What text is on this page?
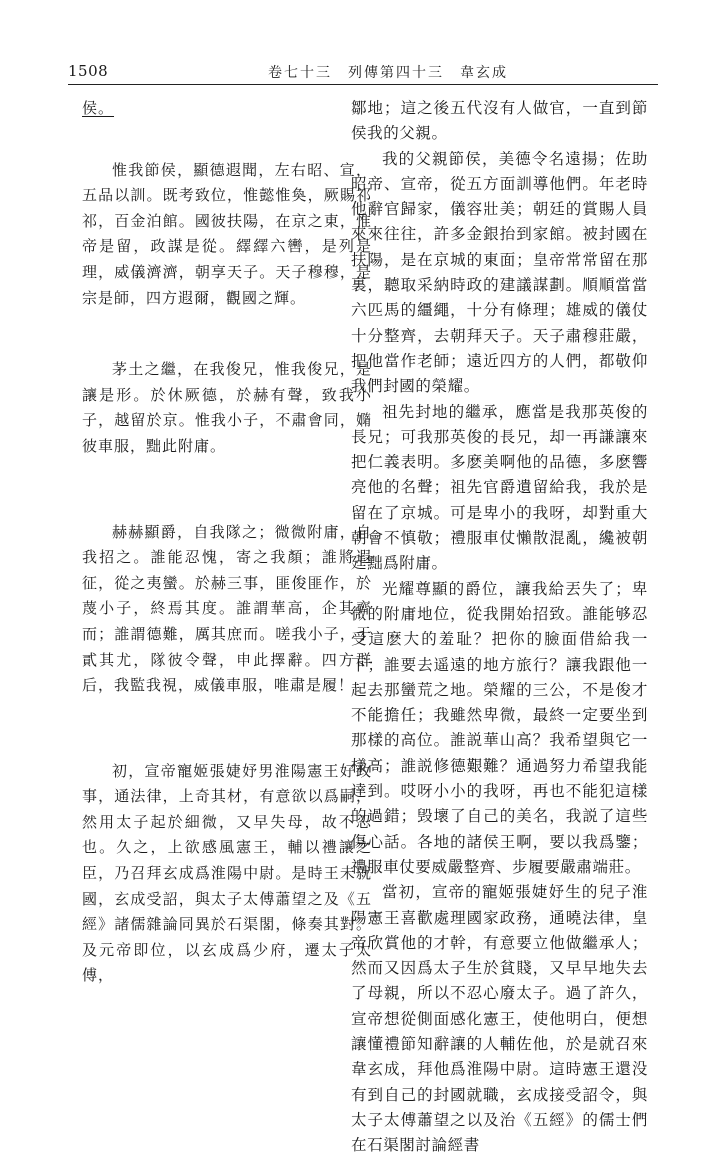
1508	卷七十三　列傳第四十三　韋玄成

侯。

惟我節侯，顯德遐聞，左右昭、宣，五品以訓。既考致位，惟懿惟奐，厥賜祁祁，百金泊館。國彼扶陽，在京之東，惟帝是留，政謀是從。繹繹六轡，是列是理，威儀濟濟，朝享天子。天子穆穆，是宗是師，四方遐爾，觀國之輝。

茅土之繼，在我俊兄，惟我俊兄，是讓是形。於休厥德，於赫有聲，致我小子，越留於京。惟我小子，不肅會同，嫷彼車服，黜此附庸。

赫赫顯爵，自我隊之；微微附庸，自我招之。誰能忍愧，寄之我顏；誰將遐征，從之夷蠻。於赫三事，匪俊匪作，於蔑小子，終焉其度。誰謂華高，企其齊而；誰謂德難，厲其庶而。嗟我小子，于貳其尤，隊彼令聲，申此擇辭。四方群后，我監我視，威儀車服，唯肅是履！

初，宣帝寵姬張婕妤男淮陽憲王好政事，通法律，上奇其材，有意欲以爲嗣，然用太子起於細微，又早失母，故不忍也。久之，上欲感風憲王，輔以禮讓之臣，乃召拜玄成爲淮陽中尉。是時王未就國，玄成受詔，與太子太傅蕭望之及《五經》諸儒雜論同異於石渠閣，條奏其對。及元帝即位，以玄成爲少府，遷太子太傅，

鄒地；這之後五代沒有人做官，一直到節侯我的父親。

我的父親節侯，美德令名遠揚；佐助昭帝、宣帝，從五方面訓導他們。年老時他辭官歸家，儀容壯美；朝廷的賞賜人員來來往往，許多金銀抬到家館。被封國在扶陽，是在京城的東面；皇帝常常留在那裏，聽取采納時政的建議謀劃。順順當當六匹馬的繮繩，十分有條理；雄威的儀仗十分整齊，去朝拜天子。天子肅穆莊嚴，把他當作老師；遠近四方的人們，都敬仰我們封國的榮耀。

祖先封地的繼承，應當是我那英俊的長兄；可我那英俊的長兄，却一再謙讓來把仁義表明。多麽美啊他的品德，多麽響亮他的名聲；祖先官爵遺留給我，我於是留在了京城。可是卑小的我呀，却對重大朝會不慎敬；禮服車仗懶散混亂，纔被朝廷黜爲附庸。

光耀尊顯的爵位，讓我給丟失了；卑微的附庸地位，從我開始招致。誰能够忍受這麽大的羞耻？把你的臉面借給我一下；誰要去遥遠的地方旅行？讓我跟他一起去那蠻荒之地。榮耀的三公，不是俊才不能擔任；我雖然卑微，最終一定要坐到那樣的高位。誰説華山高？我希望與它一樣高；誰説修德艱難？通過努力希望我能達到。哎呀小小的我呀，再也不能犯這樣的過錯；毁壞了自己的美名，我説了這些傷心話。各地的諸侯王啊，要以我爲鑒；禮服車仗要威嚴整齊、步履要嚴肅端莊。

當初，宣帝的寵姬張婕妤生的兒子淮陽憲王喜歡處理國家政務，通曉法律，皇帝欣賞他的才幹，有意要立他做繼承人；然而又因爲太子生於貧賤，又早早地失去了母親，所以不忍心廢太子。過了許久，宣帝想從側面感化憲王，使他明白，便想讓懂禮節知辭讓的人輔佐他，於是就召來韋玄成，拜他爲淮陽中尉。這時憲王還没有到自己的封國就職，玄成接受詔令，與太子太傅蕭望之以及治《五經》的儒士們在石渠閣討論經書
